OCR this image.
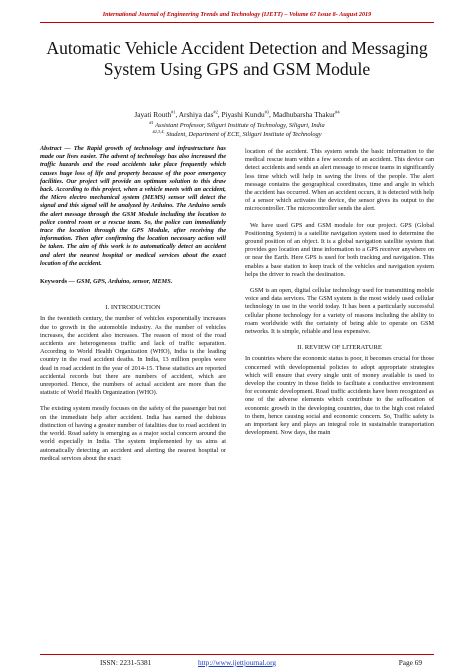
International Journal of Engineering Trends and Technology (IJETT) – Volume 67 Issue 8- August 2019
Automatic Vehicle Accident Detection and Messaging System Using GPS and GSM Module
Jayati Routh$^{\#1}$, Arshiya das$^{\#2}$, Piyashi Kundu$^{\#3}$, Madhubarsha Thakur$^{\#4}$
$^{\#1}$ Assistant Professor, Siliguri Institute of Technology, Siliguri, India
$^{\#2,3,4,}$ Student, Department of ECE, Siliguri Institute of Technology

Abstract — The Rapid growth of technology and infrastructure has made our lives easier. The advent of technology has also increased the traffic hazards and the road accidents take place frequently which causes huge loss of life and property because of the poor emergency facilities. Our project will provide an optimum solution to this draw back. According to this project, when a vehicle meets with an accident, the Micro electro mechanical system (MEMS) sensor will detect the signal and this signal will be analyzed by Arduino. The Arduino sends the alert message through the GSM Module including the location to police control room or a rescue team. So, the police can immediately trace the location through the GPS Module, after receiving the information. Then after confirming the location necessary action will be taken. The aim of this work is to automatically detect an accident and alert the nearest hospital or medical services about the exact location of the accident.

Keywords — GSM, GPS, Arduino, sensor, MEMS.

I. INTRODUCTION

In the twentieth century, the number of vehicles exponentially increases due to growth in the automobile industry. As the number of vehicles increases, the accident also increases. The reason of most of the road accidents are heterogeneous traffic and lack of traffic separation. According to World Health Organization (WHO), India is the leading country in the road accident deaths. In India, 13 million peoples were dead in road accident in the year of 2014-15. These statistics are reported accidental records but there are numbers of accident, which are unreported. Hence, the numbers of actual accident are more than the statistic of World Health Organization (WHO).

The existing system mostly focuses on the safety of the passenger but not on the immediate help after accident. India has earned the dubious distinction of having a greater number of fatalities due to road accident in the world. Road safety is emerging as a major social concern around the world especially in India. The system implemented by us aims at automatically detecting an accident and alerting the nearest hospital or medical services about the exact

location of the accident. This system sends the basic information to the medical rescue team within a few seconds of an accident. This device can detect accidents and sends an alert message to rescue teams in significantly less time which will help in saving the lives of the people. The alert message contains the geographical coordinates, time and angle in which the accident has occurred. When an accident occurs, it is detected with help of a sensor which activates the device, the sensor gives its output to the microcontroller. The microcontroller sends the alert.

We have used GPS and GSM module for our project. GPS (Global Positioning System) is a satellite navigation system used to determine the ground position of an object. It is a global navigation satellite system that provides geo location and time information to a GPS receiver anywhere on or near the Earth. Here GPS is used for both tracking and navigation. This enables a base station to keep track of the vehicles and navigation system helps the driver to reach the destination.

GSM is an open, digital cellular technology used for transmitting mobile voice and data services. The GSM system is the most widely used cellular technology in use in the world today. It has been a particularly successful cellular phone technology for a variety of reasons including the ability to roam worldwide with the certainty of being able to operate on GSM networks. It is simple, reliable and less expensive.

II. REVIEW OF LITERATURE

In countries where the economic status is poor, it becomes crucial for those concerned with developmental policies to adopt appropriate strategies which will ensure that every single unit of money available is used to develop the country in those fields to facilitate a conductive environment for economic development. Road traffic accidents have been recognized as one of the adverse elements which contribute to the suffocation of economic growth in the developing countries, due to the high cost related to them, hence causing social and economic concern. So, Traffic safety is an important key and plays an integral role in sustainable transportation development. Now days, the main

ISSN: 2231-5381	http://www.ijettjournal.org	Page 69
